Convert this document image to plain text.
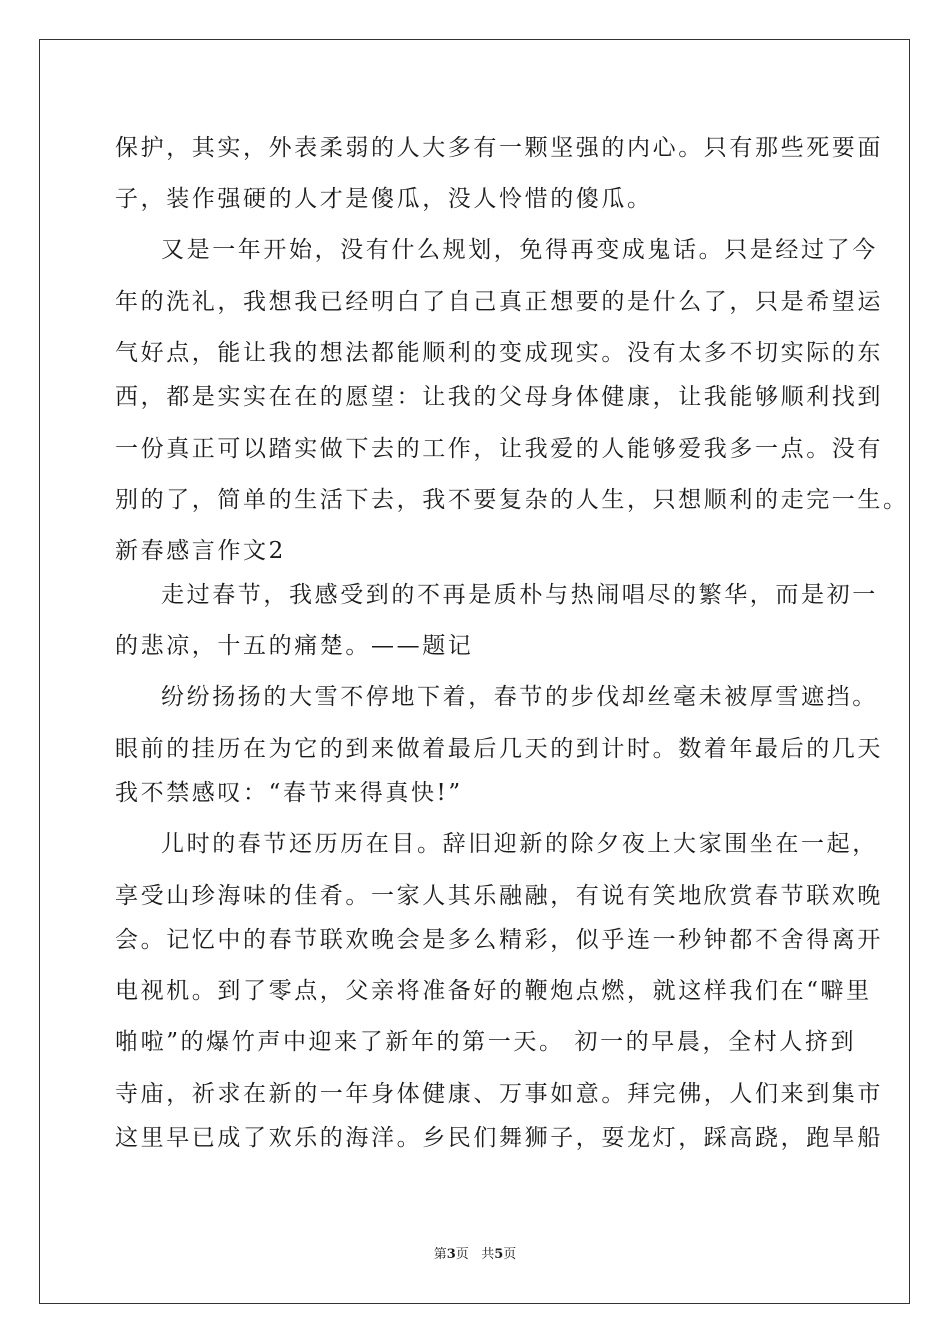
保护，其实，外表柔弱的人大多有一颗坚强的内心。只有那些死要面
子，装作强硬的人才是傻瓜，没人怜惜的傻瓜。
又是一年开始，没有什么规划，免得再变成鬼话。只是经过了今
年的洗礼，我想我已经明白了自己真正想要的是什么了，只是希望运
气好点，能让我的想法都能顺利的变成现实。没有太多不切实际的东
西，都是实实在在的愿望：让我的父母身体健康，让我能够顺利找到
一份真正可以踏实做下去的工作，让我爱的人能够爱我多一点。没有
别的了，简单的生活下去，我不要复杂的人生，只想顺利的走完一生。
新春感言作文2
走过春节，我感受到的不再是质朴与热闹唱尽的繁华，而是初一
的悲凉，十五的痛楚。——题记
纷纷扬扬的大雪不停地下着，春节的步伐却丝毫未被厚雪遮挡。
眼前的挂历在为它的到来做着最后几天的到计时。数着年最后的几天
我不禁感叹：“春节来得真快!”
儿时的春节还历历在目。辞旧迎新的除夕夜上大家围坐在一起，
享受山珍海味的佳肴。一家人其乐融融，有说有笑地欣赏春节联欢晚
会。记忆中的春节联欢晚会是多么精彩，似乎连一秒钟都不舍得离开
电视机。到了零点，父亲将准备好的鞭炮点燃，就这样我们在“噼里
啪啦”的爆竹声中迎来了新年的第一天。 初一的早晨，全村人挤到
寺庙，祈求在新的一年身体健康、万事如意。拜完佛，人们来到集市
这里早已成了欢乐的海洋。乡民们舞狮子，耍龙灯，踩高跷，跑旱船
第3页 共5页
